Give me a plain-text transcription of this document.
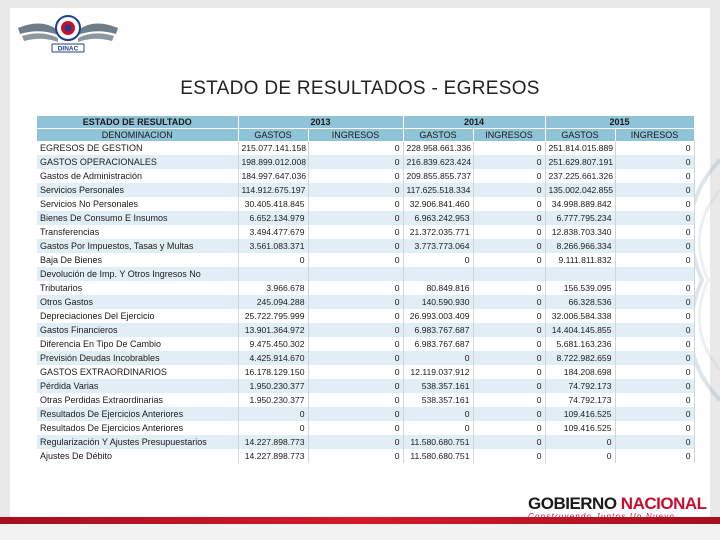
DINAC
ESTADO DE RESULTADOS - EGRESOS
ESTADO DE RESULTADO	2013		2014		2015	
DENOMINACION	GASTOS	INGRESOS	GASTOS	INGRESOS	GASTOS	INGRESOS
EGRESOS DE GESTION	215.077.141.158	0	228.958.661.336	0	251.814.015.889	0
GASTOS OPERACIONALES	198.899.012.008	0	216.839.623.424	0	251.629.807.191	0
Gastos de Administración	184.997.647.036	0	209.855.855.737	0	237.225.661.326	0
Servicios Personales	114.912.675.197	0	117.625.518.334	0	135.002.042.855	0
Servicios No Personales	30.405.418.845	0	32.906.841.460	0	34.998.889.842	0
Bienes De Consumo E Insumos	6.652.134.979	0	6.963.242.953	0	6.777.795.234	0
Transferencias	3.494.477.679	0	21.372.035.771	0	12.838.703.340	0
Gastos Por Impuestos, Tasas y Multas	3.561.083.371	0	3.773.773.064	0	8.266.966.334	0
Baja De Bienes	0	0	0	0	9.111.811.832	0
Devolución de Imp. Y Otros Ingresos No						
Tributarios	3.966.678	0	80.849.816	0	156.539.095	0
Otros Gastos	245.094.288	0	140.590.930	0	66.328.536	0
Depreciaciones Del Ejercicio	25.722.795.999	0	26.993.003.409	0	32.006.584.338	0
Gastos Financieros	13.901.364.972	0	6.983.767.687	0	14.404.145.855	0
Diferencia En Tipo De Cambio	9.475.450.302	0	6.983.767.687	0	5.681.163.236	0
Previsión Deudas Incobrables	4.425.914.670	0	0	0	8.722.982.659	0
GASTOS EXTRAORDINARIOS	16.178.129.150	0	12.119.037.912	0	184.208.698	0
Pérdida Varias	1.950.230.377	0	538.357.161	0	74.792.173	0
Otras Perdidas Extraordinarias	1.950.230.377	0	538.357.161	0	74.792.173	0
Resultados De Ejercicios Anteriores	0	0	0	0	109.416.525	0
Resultados De Ejercicios Anteriores	0	0	0	0	109.416.525	0
Regularización Y Ajustes Presupuestarios	14.227.898.773	0	11.580.680.751	0	0	0
Ajustes De Débito	14.227.898.773	0	11.580.680.751	0	0	0
GOBIERNO NACIONAL
